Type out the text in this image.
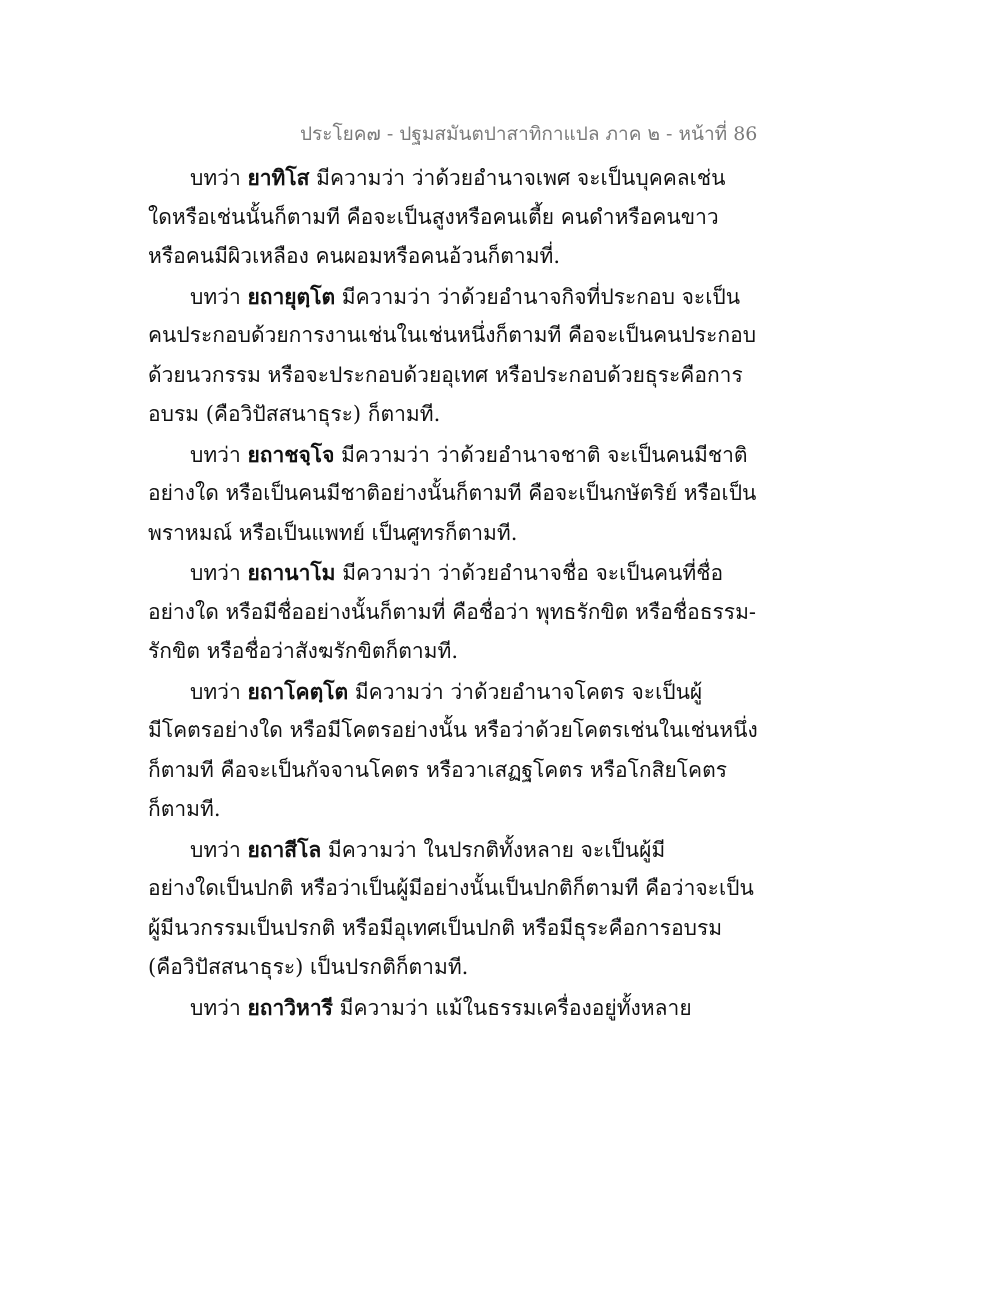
ประโยค๗ - ปฐมสมันตปาสาทิกาแปล ภาค ๒ - หน้าที่ 86
บทว่า ยาทิโส มีความว่า ว่าด้วยอำนาจเพศ จะเป็นบุคคลเช่น
ใดหรือเช่นนั้นก็ตามที คือจะเป็นสูงหรือคนเตี้ย คนดำหรือคนขาว
หรือคนมีผิวเหลือง คนผอมหรือคนอ้วนก็ตามที่.
บทว่า ยถายุตฺโต มีความว่า ว่าด้วยอำนาจกิจที่ประกอบ จะเป็น
คนประกอบด้วยการงานเช่นในเช่นหนึ่งก็ตามที คือจะเป็นคนประกอบ
ด้วยนวกรรม หรือจะประกอบด้วยอุเทศ หรือประกอบด้วยธุระคือการ
อบรม (คือวิปัสสนาธุระ) ก็ตามที.
บทว่า ยถาชจฺโจ มีความว่า ว่าด้วยอำนาจชาติ จะเป็นคนมีชาติ
อย่างใด หรือเป็นคนมีชาติอย่างนั้นก็ตามที คือจะเป็นกษัตริย์ หรือเป็น
พราหมณ์ หรือเป็นแพทย์ เป็นศูทรก็ตามที.
บทว่า ยถานาโม มีความว่า ว่าด้วยอำนาจชื่อ จะเป็นคนที่ชื่อ
อย่างใด หรือมีชื่ออย่างนั้นก็ตามที่ คือชื่อว่า พุทธรักขิต หรือชื่อธรรม-
รักขิต หรือชื่อว่าสังฆรักขิตก็ตามที.
บทว่า ยถาโคตฺโต มีความว่า ว่าด้วยอำนาจโคตร จะเป็นผู้
มีโคตรอย่างใด หรือมีโคตรอย่างนั้น หรือว่าด้วยโคตรเช่นในเช่นหนึ่ง
ก็ตามที คือจะเป็นกัจจานโคตร หรือวาเสฏฐโคตร หรือโกสิยโคตร
ก็ตามที.
บทว่า ยถาสีโล มีความว่า ในปรกติทั้งหลาย จะเป็นผู้มี
อย่างใดเป็นปกติ หรือว่าเป็นผู้มีอย่างนั้นเป็นปกติก็ตามที คือว่าจะเป็น
ผู้มีนวกรรมเป็นปรกติ หรือมีอุเทศเป็นปกติ หรือมีธุระคือการอบรม
(คือวิปัสสนาธุระ) เป็นปรกติก็ตามที.
บทว่า ยถาวิหารี มีความว่า แม้ในธรรมเครื่องอยู่ทั้งหลาย
